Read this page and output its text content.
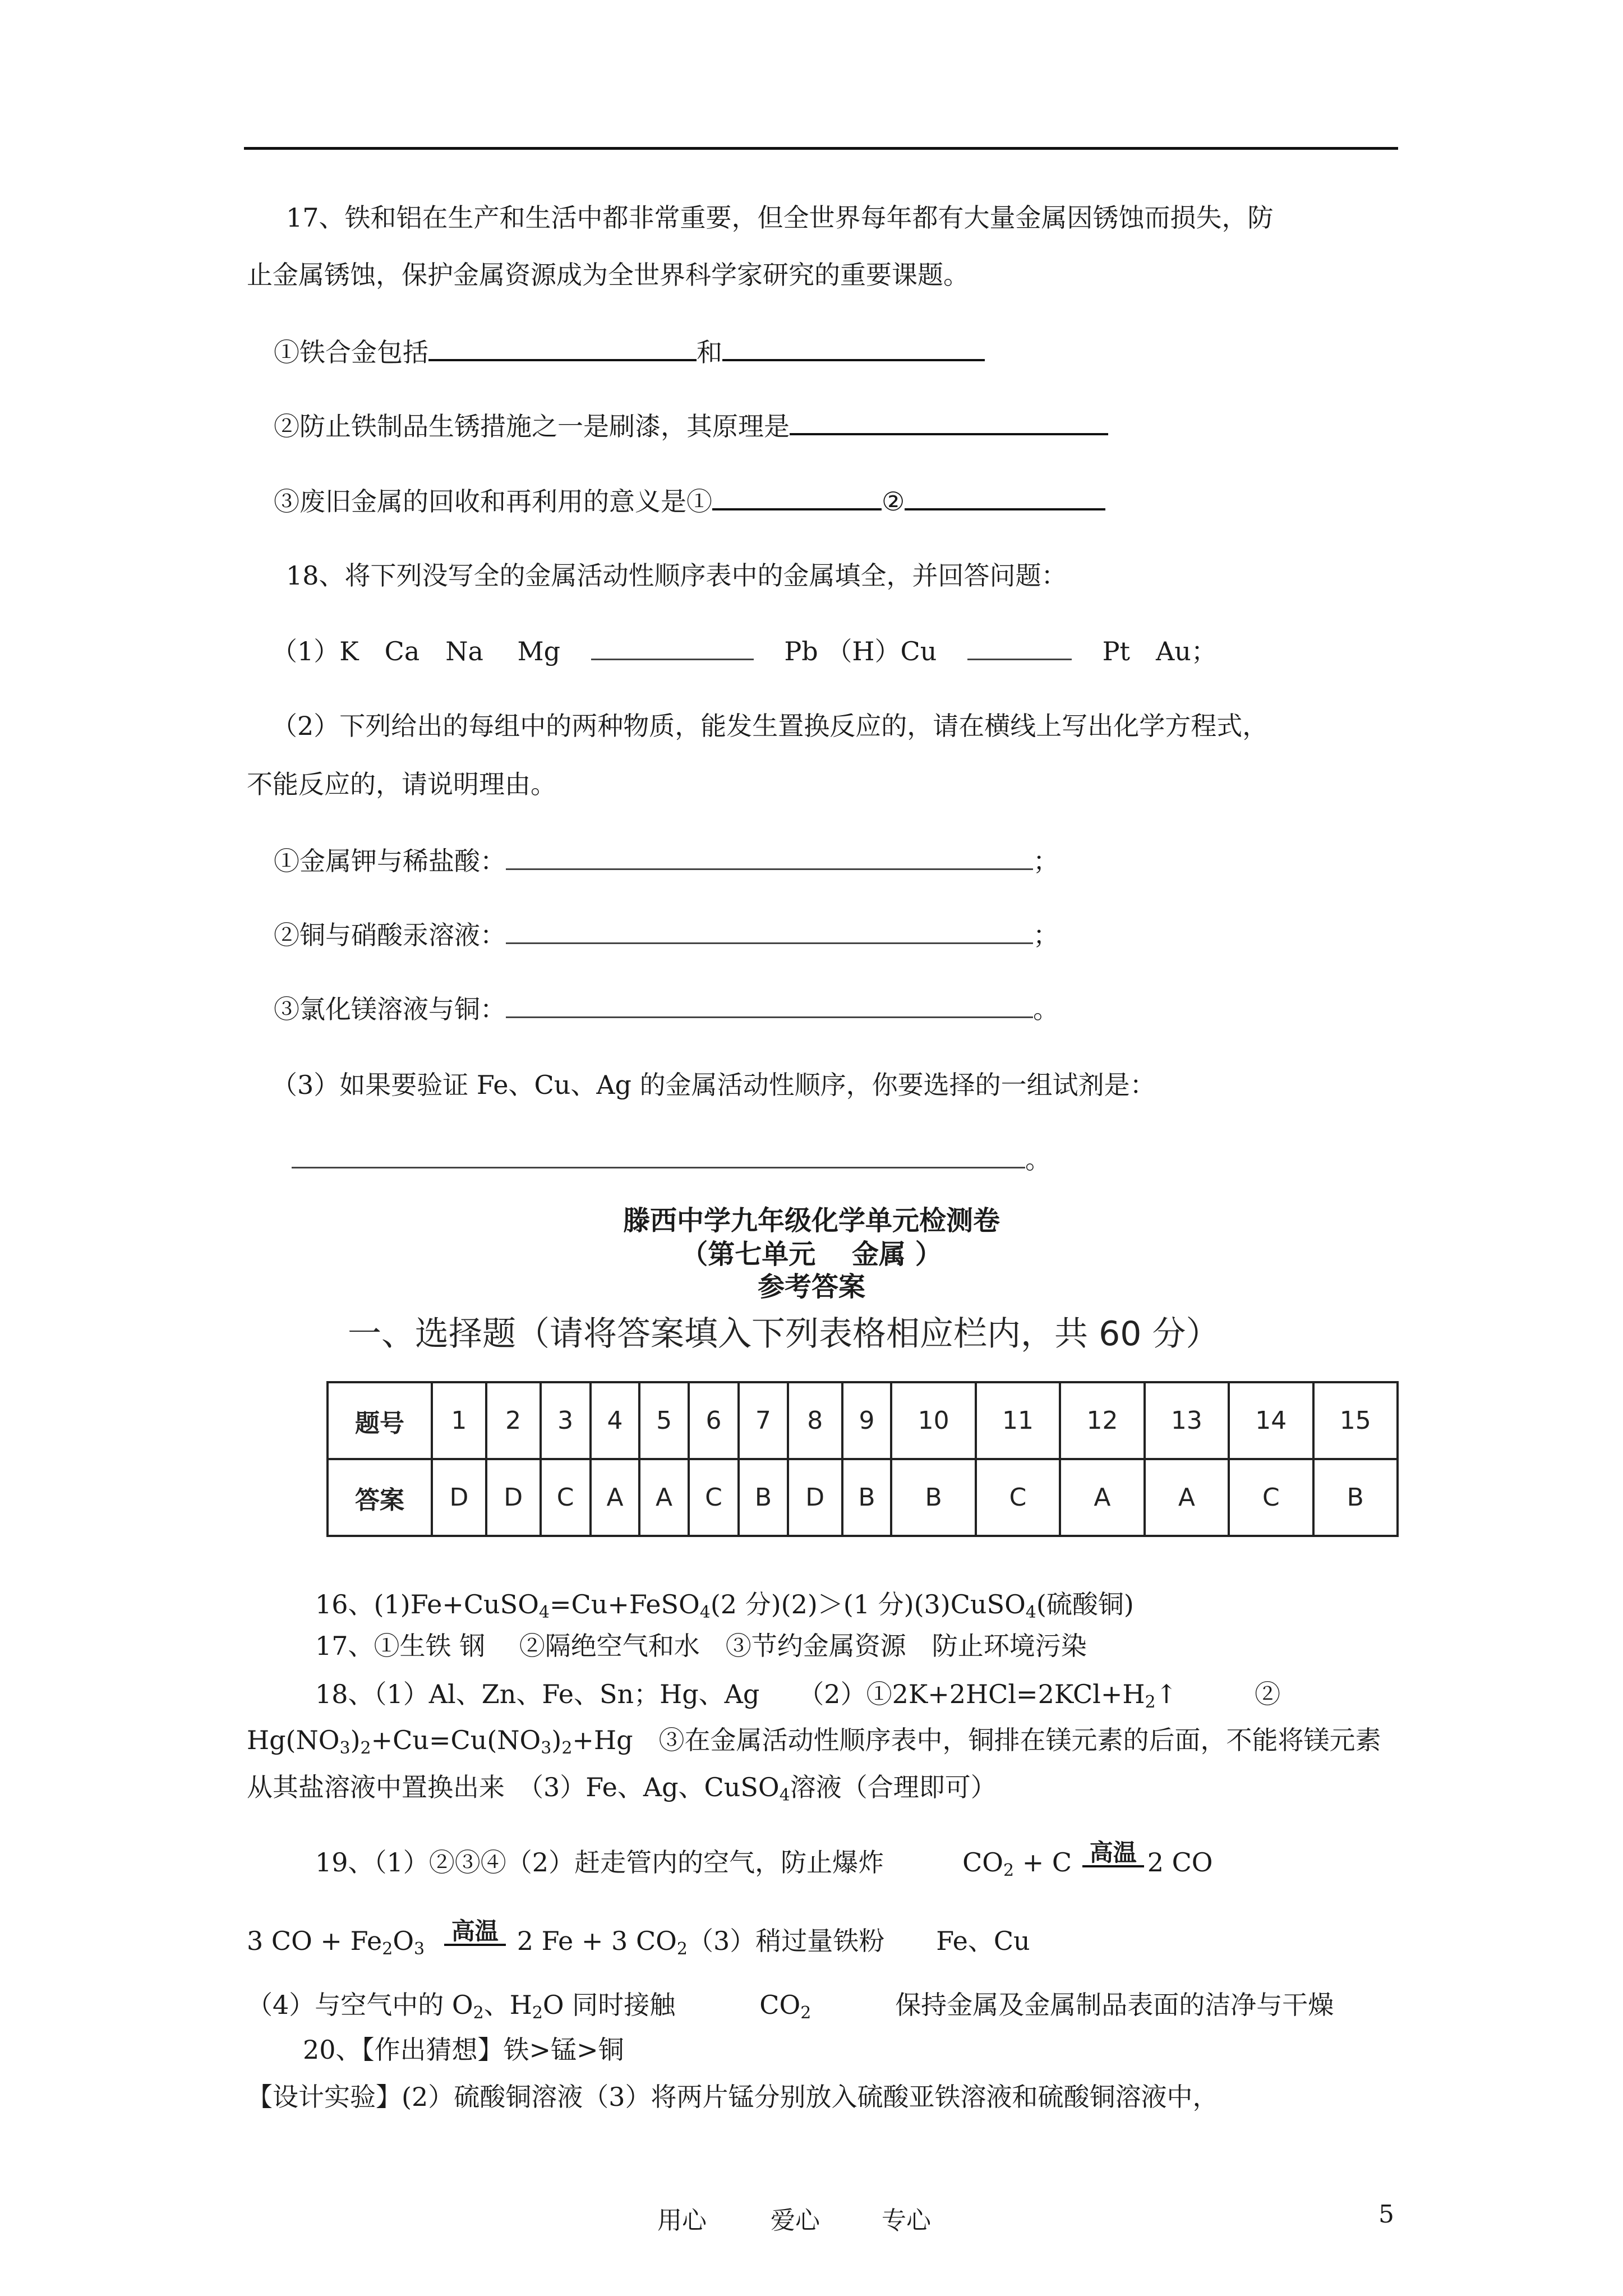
17、铁和铝在生产和生活中都非常重要，但全世界每年都有大量金属因锈蚀而损失，防
止金属锈蚀，保护金属资源成为全世界科学家研究的重要课题。
①铁合金包括	和
②防止铁制品生锈措施之一是刷漆，其原理是
③废旧金属的回收和再利用的意义是①	②
18、将下列没写全的金属活动性顺序表中的金属填全，并回答问题：
（1）K　Ca　Na　 Mg	Pb （H）Cu	Pt　Au；
（2）下列给出的每组中的两种物质，能发生置换反应的，请在横线上写出化学方程式，
不能反应的，请说明理由。
①金属钾与稀盐酸：	；
②铜与硝酸汞溶液：	；
③氯化镁溶液与铜：	。
（3）如果要验证 Fe、Cu、Ag 的金属活动性顺序，你要选择的一组试剂是：
。
滕西中学九年级化学单元检测卷
（第七单元　 金属 ）
参考答案
一、选择题（请将答案填入下列表格相应栏内，共 60 分）
题号	1	2	3	4	5	6	7	8	9	10	11	12	13	14	15
答案	D	D	C	A	A	C	B	D	B	B	C	A	A	C	B
16、(1)Fe+CuSO$_4$=Cu+FeSO$_4$(2 分)(2)＞(1 分)(3)CuSO$_4$(硫酸铜)
17、①生铁 钢　 ②隔绝空气和水　③节约金属资源　防止环境污染
18、（1）Al、Zn、Fe、Sn；Hg、Ag　　$(2)①2K+2HCl=2KCl+H_2↑$　　　②
$Hg(NO_3)_2+Cu=Cu(NO_3)_2+Hg$　③在金属活动性顺序表中，铜排在镁元素的后面，不能将镁元素
从其盐溶液中置换出来　（3）Fe、Ag、CuSO$_4$溶液（合理即可）
19、（1）②③④（2）赶走管内的空气，防止爆炸	$CO_2 + C$ 高温 2 CO
3 CO + $Fe_2O_3$
高温 2 Fe + 3 $CO_2(3)$稍过量铁粉　　Fe、Cu
（4）与空气中的 $O_2$、$H_2O$ 同时接触	$CO_2$	保持金属及金属制品表面的洁净与干燥
20、【作出猜想】铁>锰>铜
【设计实验】(2）硫酸铜溶液（3）将两片锰分别放入硫酸亚铁溶液和硫酸铜溶液中，
用心	爱心	专心	5
